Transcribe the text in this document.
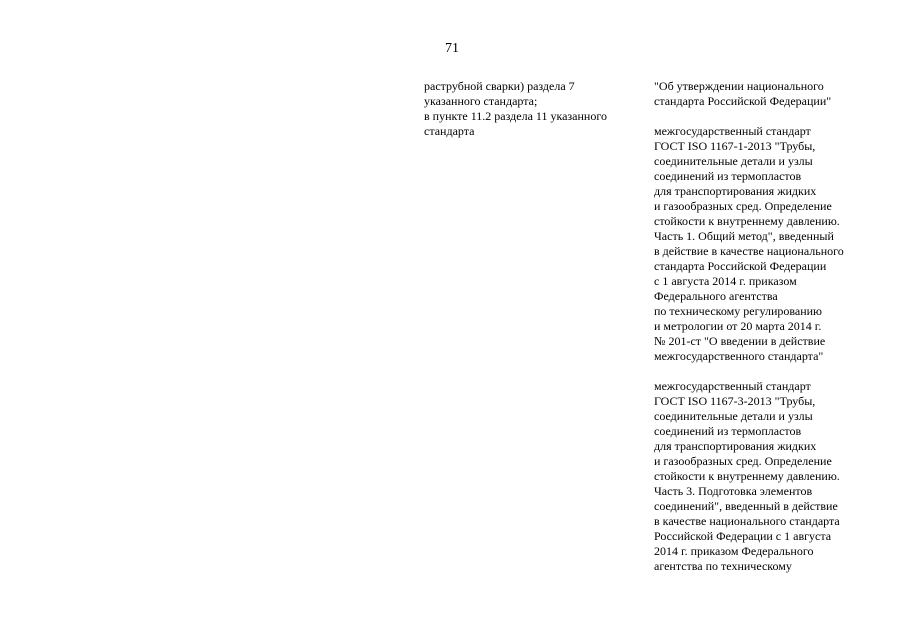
71
раструбной сварки) раздела 7
указанного стандарта;
в пункте 11.2 раздела 11 указанного
стандарта
"Об утверждении национального
стандарта Российской Федерации"
межгосударственный стандарт
ГОСТ ISO 1167-1-2013 "Трубы,
соединительные детали и узлы
соединений из термопластов
для транспортирования жидких
и газообразных сред. Определение
стойкости к внутреннему давлению.
Часть 1. Общий метод", введенный
в действие в качестве национального
стандарта Российской Федерации
с 1 августа 2014 г. приказом
Федерального агентства
по техническому регулированию
и метрологии от 20 марта 2014 г.
№ 201-ст "О введении в действие
межгосударственного стандарта"
межгосударственный стандарт
ГОСТ ISO 1167-3-2013 "Трубы,
соединительные детали и узлы
соединений из термопластов
для транспортирования жидких
и газообразных сред. Определение
стойкости к внутреннему давлению.
Часть 3. Подготовка элементов
соединений", введенный в действие
в качестве национального стандарта
Российской Федерации с 1 августа
2014 г. приказом Федерального
агентства по техническому
